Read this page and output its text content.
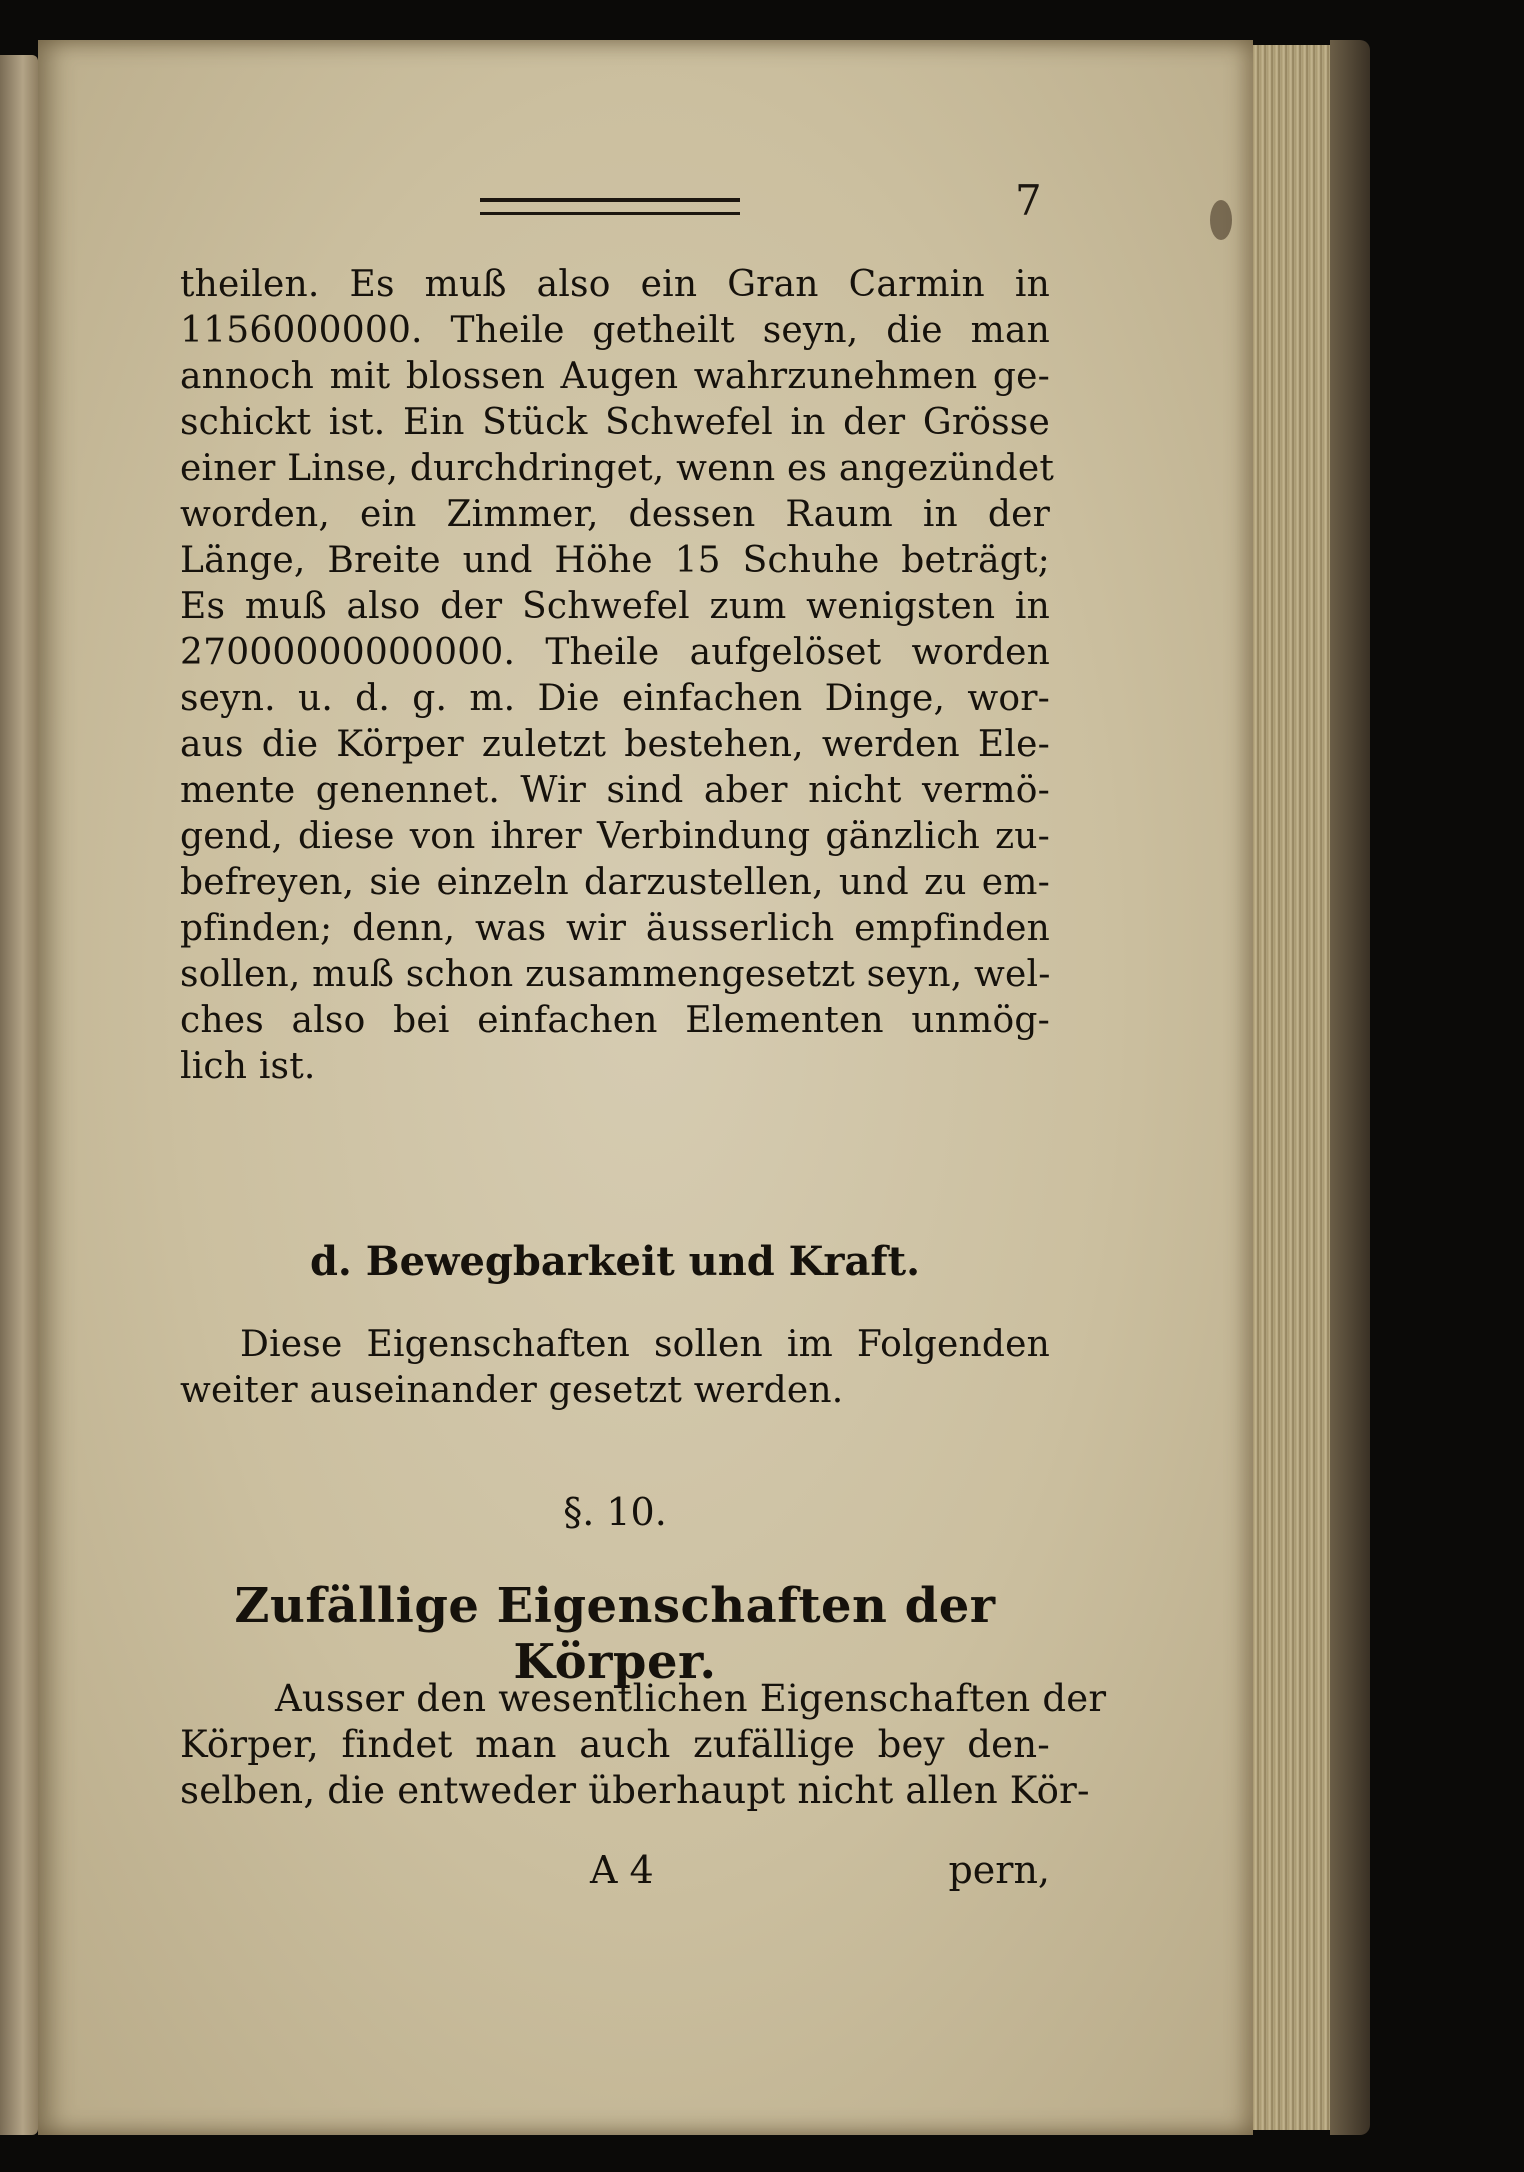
7
theilen. Es muß also ein Gran Carmin in
1156000000. Theile getheilt seyn, die man
annoch mit blossen Augen wahrzunehmen ge-
schickt ist. Ein Stück Schwefel in der Grösse
einer Linse, durchdringet, wenn es angezündet
worden, ein Zimmer, dessen Raum in der
Länge, Breite und Höhe 15 Schuhe beträgt;
Es muß also der Schwefel zum wenigsten in
27000000000000. Theile aufgelöset worden
seyn. u. d. g. m. Die einfachen Dinge, wor-
aus die Körper zuletzt bestehen, werden Ele-
mente genennet. Wir sind aber nicht vermö-
gend, diese von ihrer Verbindung gänzlich zu-
befreyen, sie einzeln darzustellen, und zu em-
pfinden; denn, was wir äusserlich empfinden
sollen, muß schon zusammengesetzt seyn, wel-
ches also bei einfachen Elementen unmög-
lich ist.
d. Bewegbarkeit und Kraft.
Diese Eigenschaften sollen im Folgenden
weiter auseinander gesetzt werden.
§. 10.
Zufällige Eigenschaften der Körper.
Ausser den wesentlichen Eigenschaften der
Körper, findet man auch zufällige bey den-
selben, die entweder überhaupt nicht allen Kör-
A 4	pern,
